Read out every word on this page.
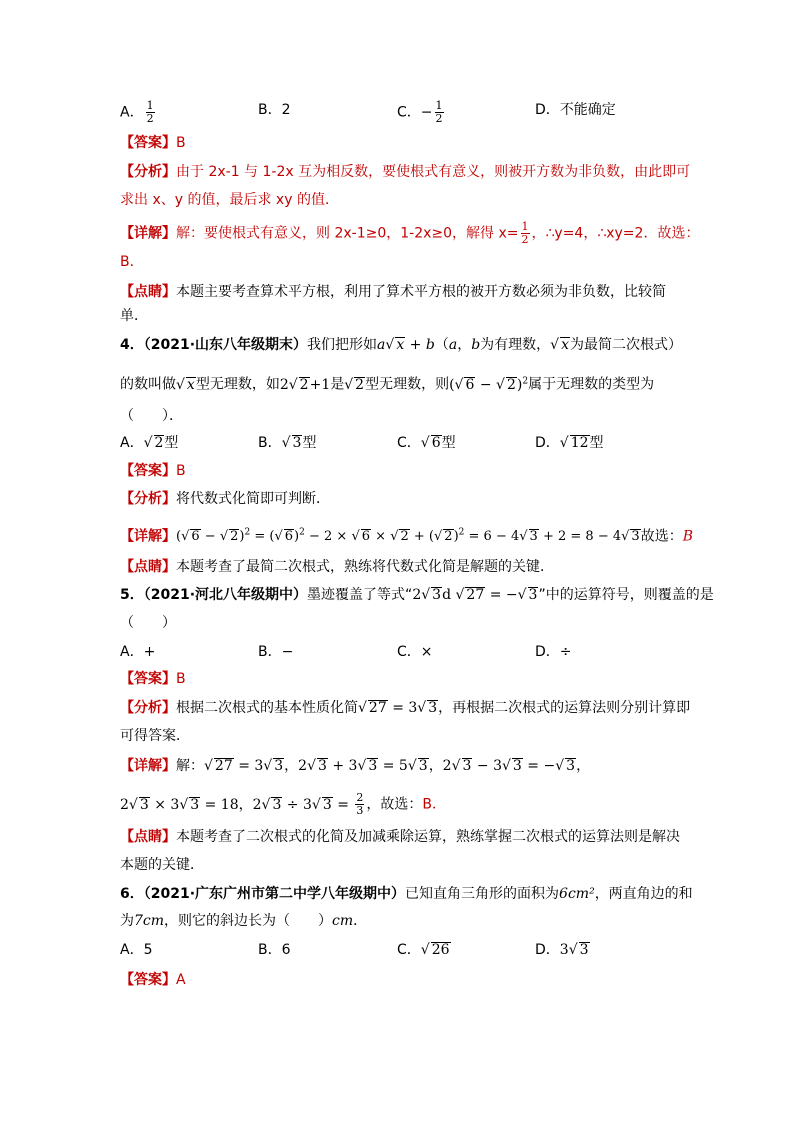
A． $\frac{1}{2}$	B．2	C．− $\frac{1}{2}$	D．不能确定
【答案】B
【分析】由于 2x-1 与 1-2x 互为相反数，要使根式有意义，则被开方数为非负数，由此即可
求出 x、y 的值，最后求 xy 的值．
【详解】解：要使根式有意义，则 2x-1≥0，1-2x≥0，解得 $x= \frac{1}{2}$ ，∴y=4，∴xy=2．故选：
B．
【点睛】本题主要考查算术平方根，利用了算术平方根的被开方数必须为非负数，比较简
单．
4．（2021·山东八年级期末）我们把形如a√ x + b（a，b为有理数，√ x为最简二次根式）
的数叫做√ x型无理数，如2√ 2+1是√ 2型无理数，则(√ 6 − √ 2)$^2$属于无理数的类型为
（　　）．
A．√ 2型	B．√ 3型	C．√ 6型	D．√ 12型
【答案】B
【分析】将代数式化简即可判断．
【详解】(√ 6 − √ 2)$^2$ = (√ 6)$^2$ − 2 × √ 6 × √ 2 + (√ 2)$^2$ = 6 − 4√ 3 + 2 = 8 − 4√ 3故选：B
【点睛】本题考查了最简二次根式，熟练将代数式化简是解题的关键．
5．（2021·河北八年级期中）墨迹覆盖了等式“2√ 3d √ 27 = −√ 3”中的运算符号，则覆盖的是
（　　）
A．+	B．−	C．×	D．÷
【答案】B
【分析】根据二次根式的基本性质化简√ 27 = 3√ 3，再根据二次根式的运算法则分别计算即
可得答案．
【详解】解：√ 27 = 3√ 3，2√ 3 + 3√ 3 = 5√ 3，2√ 3 − 3√ 3 = −√ 3，
2√ 3 × 3√ 3 = 18，2√ 3 ÷ 3√ $3 = \frac{2}{3}$ ，故选：B．
【点睛】本题考查了二次根式的化简及加减乘除运算，熟练掌握二次根式的运算法则是解决
本题的关键．
6．（2021·广东广州市第二中学八年级期中）已知直角三角形的面积为6cm²，两直角边的和
为7cm，则它的斜边长为（　　）cm．
A．5	B．6	C．√ 26	D．3√ 3
【答案】A
